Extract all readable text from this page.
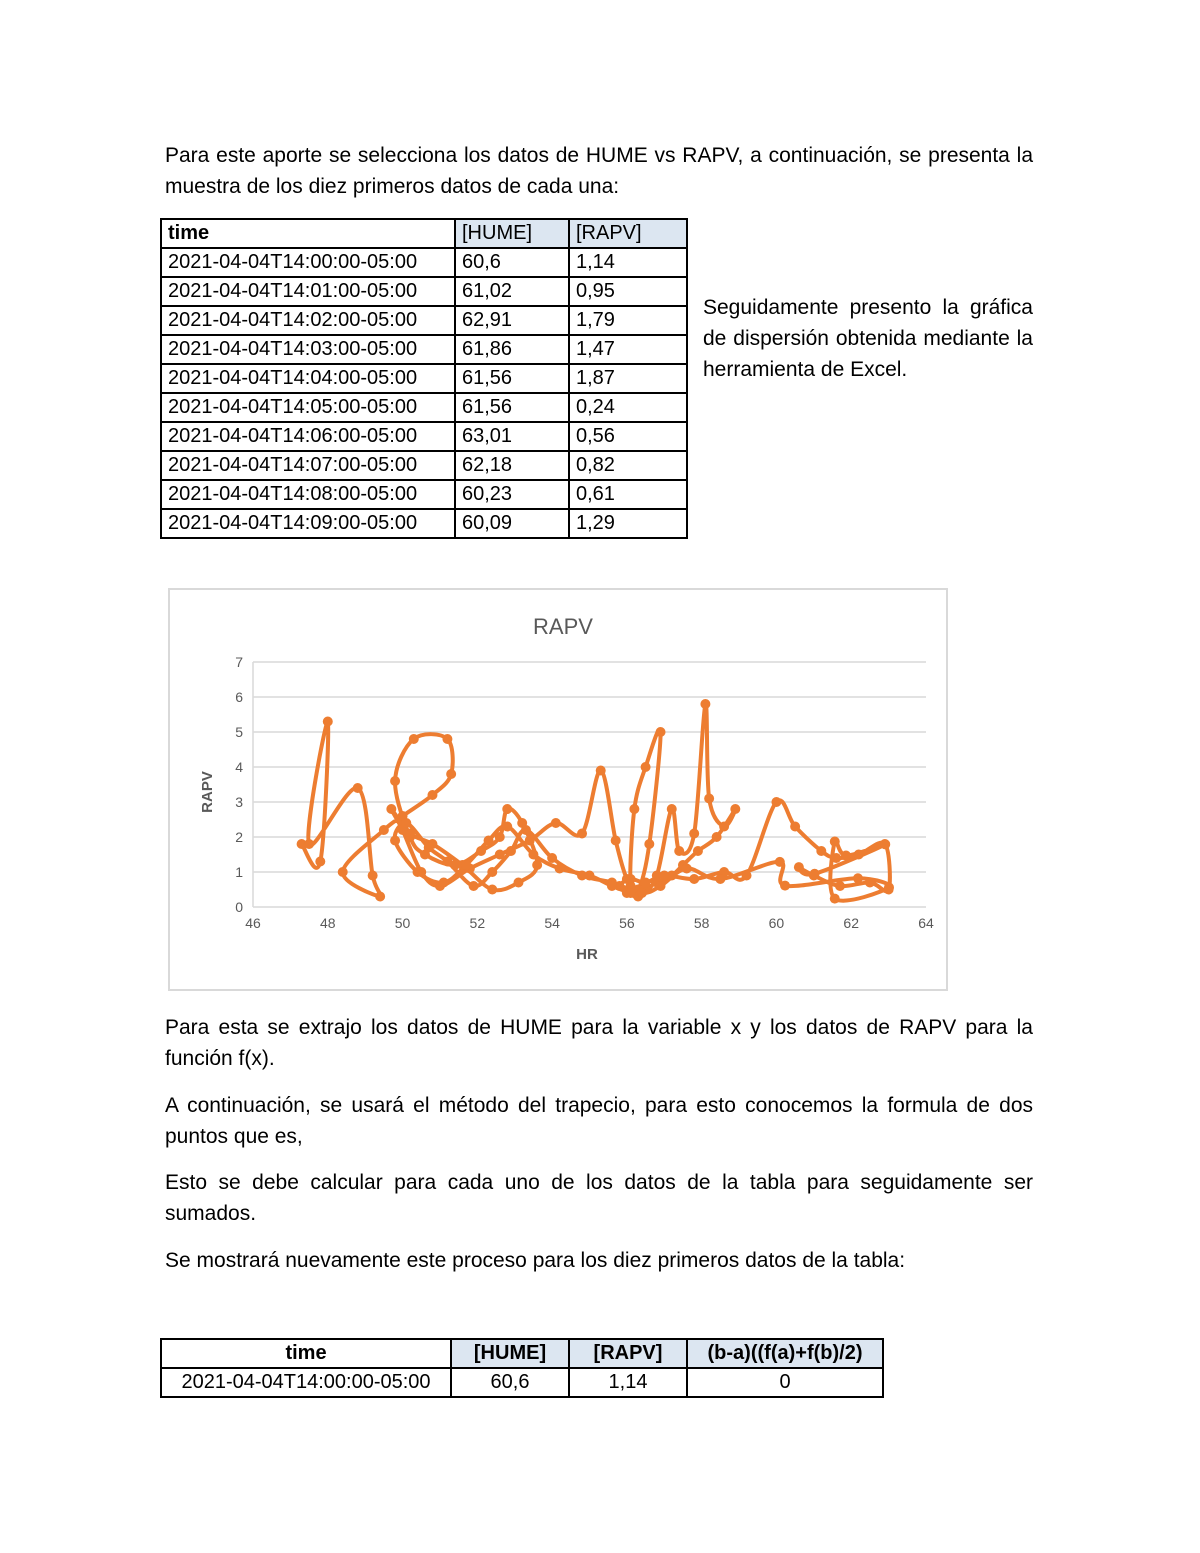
Para este aporte se selecciona los datos de HUME vs RAPV, a continuación, se presenta la muestra de los diez primeros datos de cada una:

time	[HUME]	[RAPV]
2021-04-04T14:00:00-05:00	60,6	1,14
2021-04-04T14:01:00-05:00	61,02	0,95
2021-04-04T14:02:00-05:00	62,91	1,79
2021-04-04T14:03:00-05:00	61,86	1,47
2021-04-04T14:04:00-05:00	61,56	1,87
2021-04-04T14:05:00-05:00	61,56	0,24
2021-04-04T14:06:00-05:00	63,01	0,56
2021-04-04T14:07:00-05:00	62,18	0,82
2021-04-04T14:08:00-05:00	60,23	0,61
2021-04-04T14:09:00-05:00	60,09	1,29

Seguidamente presento la gráfica de dispersión obtenida mediante la herramienta de Excel.

RAPV
HR
RAPV
0
1
2
3
4
5
6
7
46	48	50	52	54	56	58	60	62	64

Para esta se extrajo los datos de HUME para la variable x y los datos de RAPV para la función f(x).

A continuación, se usará el método del trapecio, para esto conocemos la formula de dos puntos que es,

Esto se debe calcular para cada uno de los datos de la tabla para seguidamente ser sumados.

Se mostrará nuevamente este proceso para los diez primeros datos de la tabla:

time	[HUME]	[RAPV]	(b-a)((f(a)+f(b)/2)
2021-04-04T14:00:00-05:00	60,6	1,14	0
